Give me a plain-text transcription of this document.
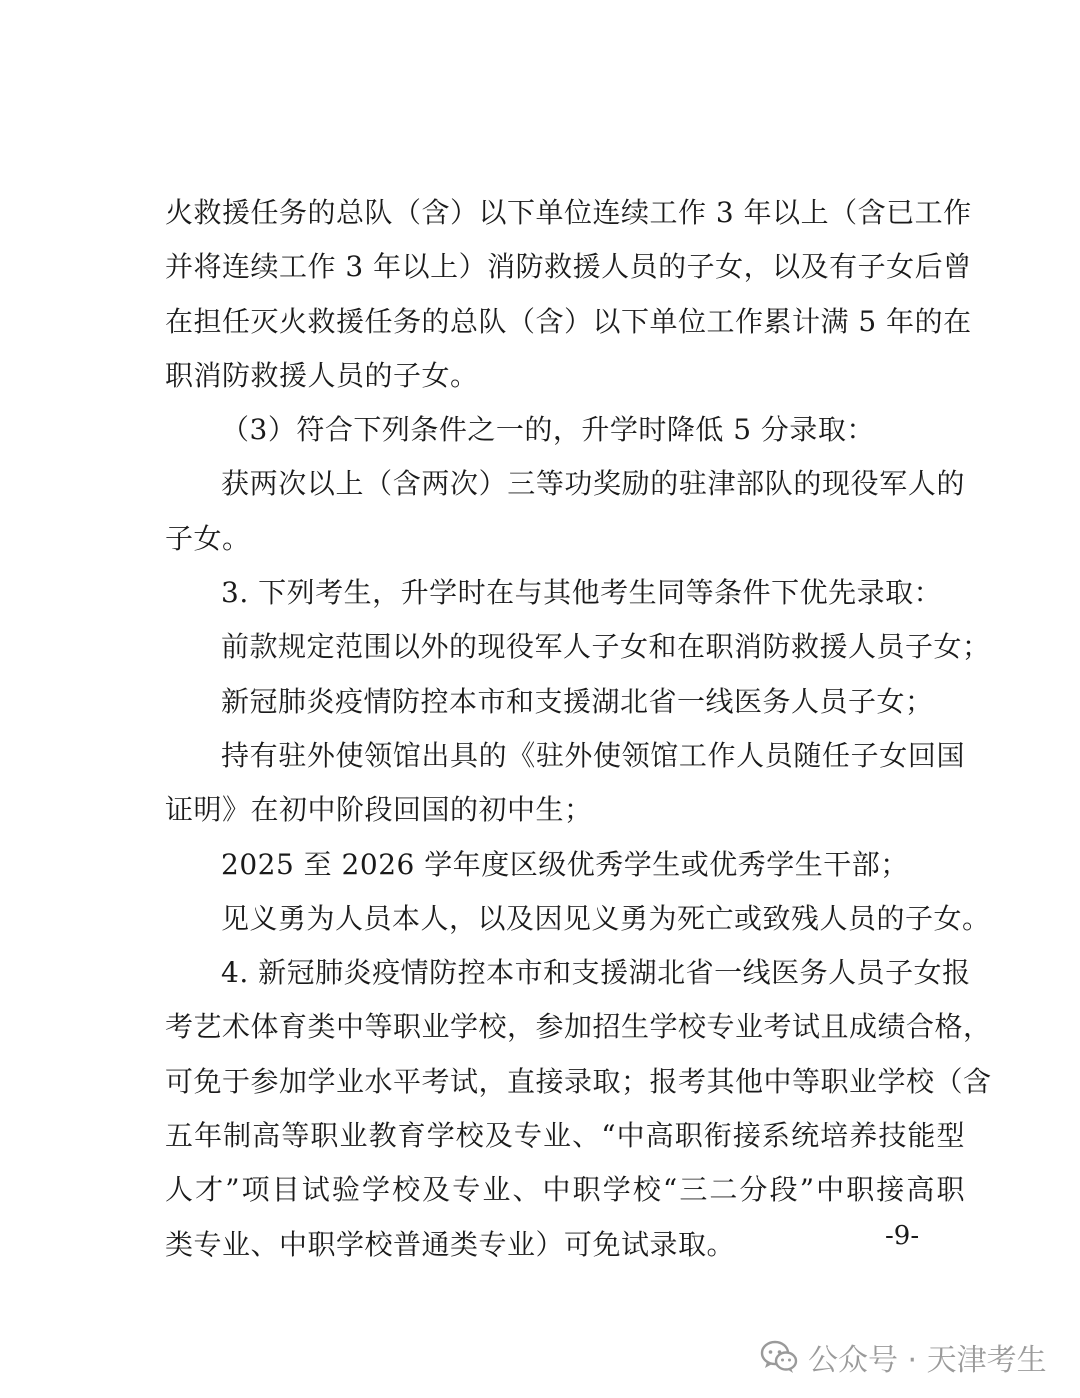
火救援任务的总队（含）以下单位连续工作 3 年以上（含已工作
并将连续工作 3 年以上）消防救援人员的子女，以及有子女后曾
在担任灭火救援任务的总队（含）以下单位工作累计满 5 年的在
职消防救援人员的子女。
（3）符合下列条件之一的，升学时降低 5 分录取：
获两次以上（含两次）三等功奖励的驻津部队的现役军人的
子女。
3. 下列考生，升学时在与其他考生同等条件下优先录取：
前款规定范围以外的现役军人子女和在职消防救援人员子女；
新冠肺炎疫情防控本市和支援湖北省一线医务人员子女；
持有驻外使领馆出具的《驻外使领馆工作人员随任子女回国
证明》在初中阶段回国的初中生；
2025 至 2026 学年度区级优秀学生或优秀学生干部；
见义勇为人员本人，以及因见义勇为死亡或致残人员的子女。
4. 新冠肺炎疫情防控本市和支援湖北省一线医务人员子女报
考艺术体育类中等职业学校，参加招生学校专业考试且成绩合格，
可免于参加学业水平考试，直接录取；报考其他中等职业学校（含
五年制高等职业教育学校及专业、“中高职衔接系统培养技能型
人才”项目试验学校及专业、中职学校“三二分段”中职接高职
类专业、中职学校普通类专业）可免试录取。	-9-
公众号 · 天津考生
